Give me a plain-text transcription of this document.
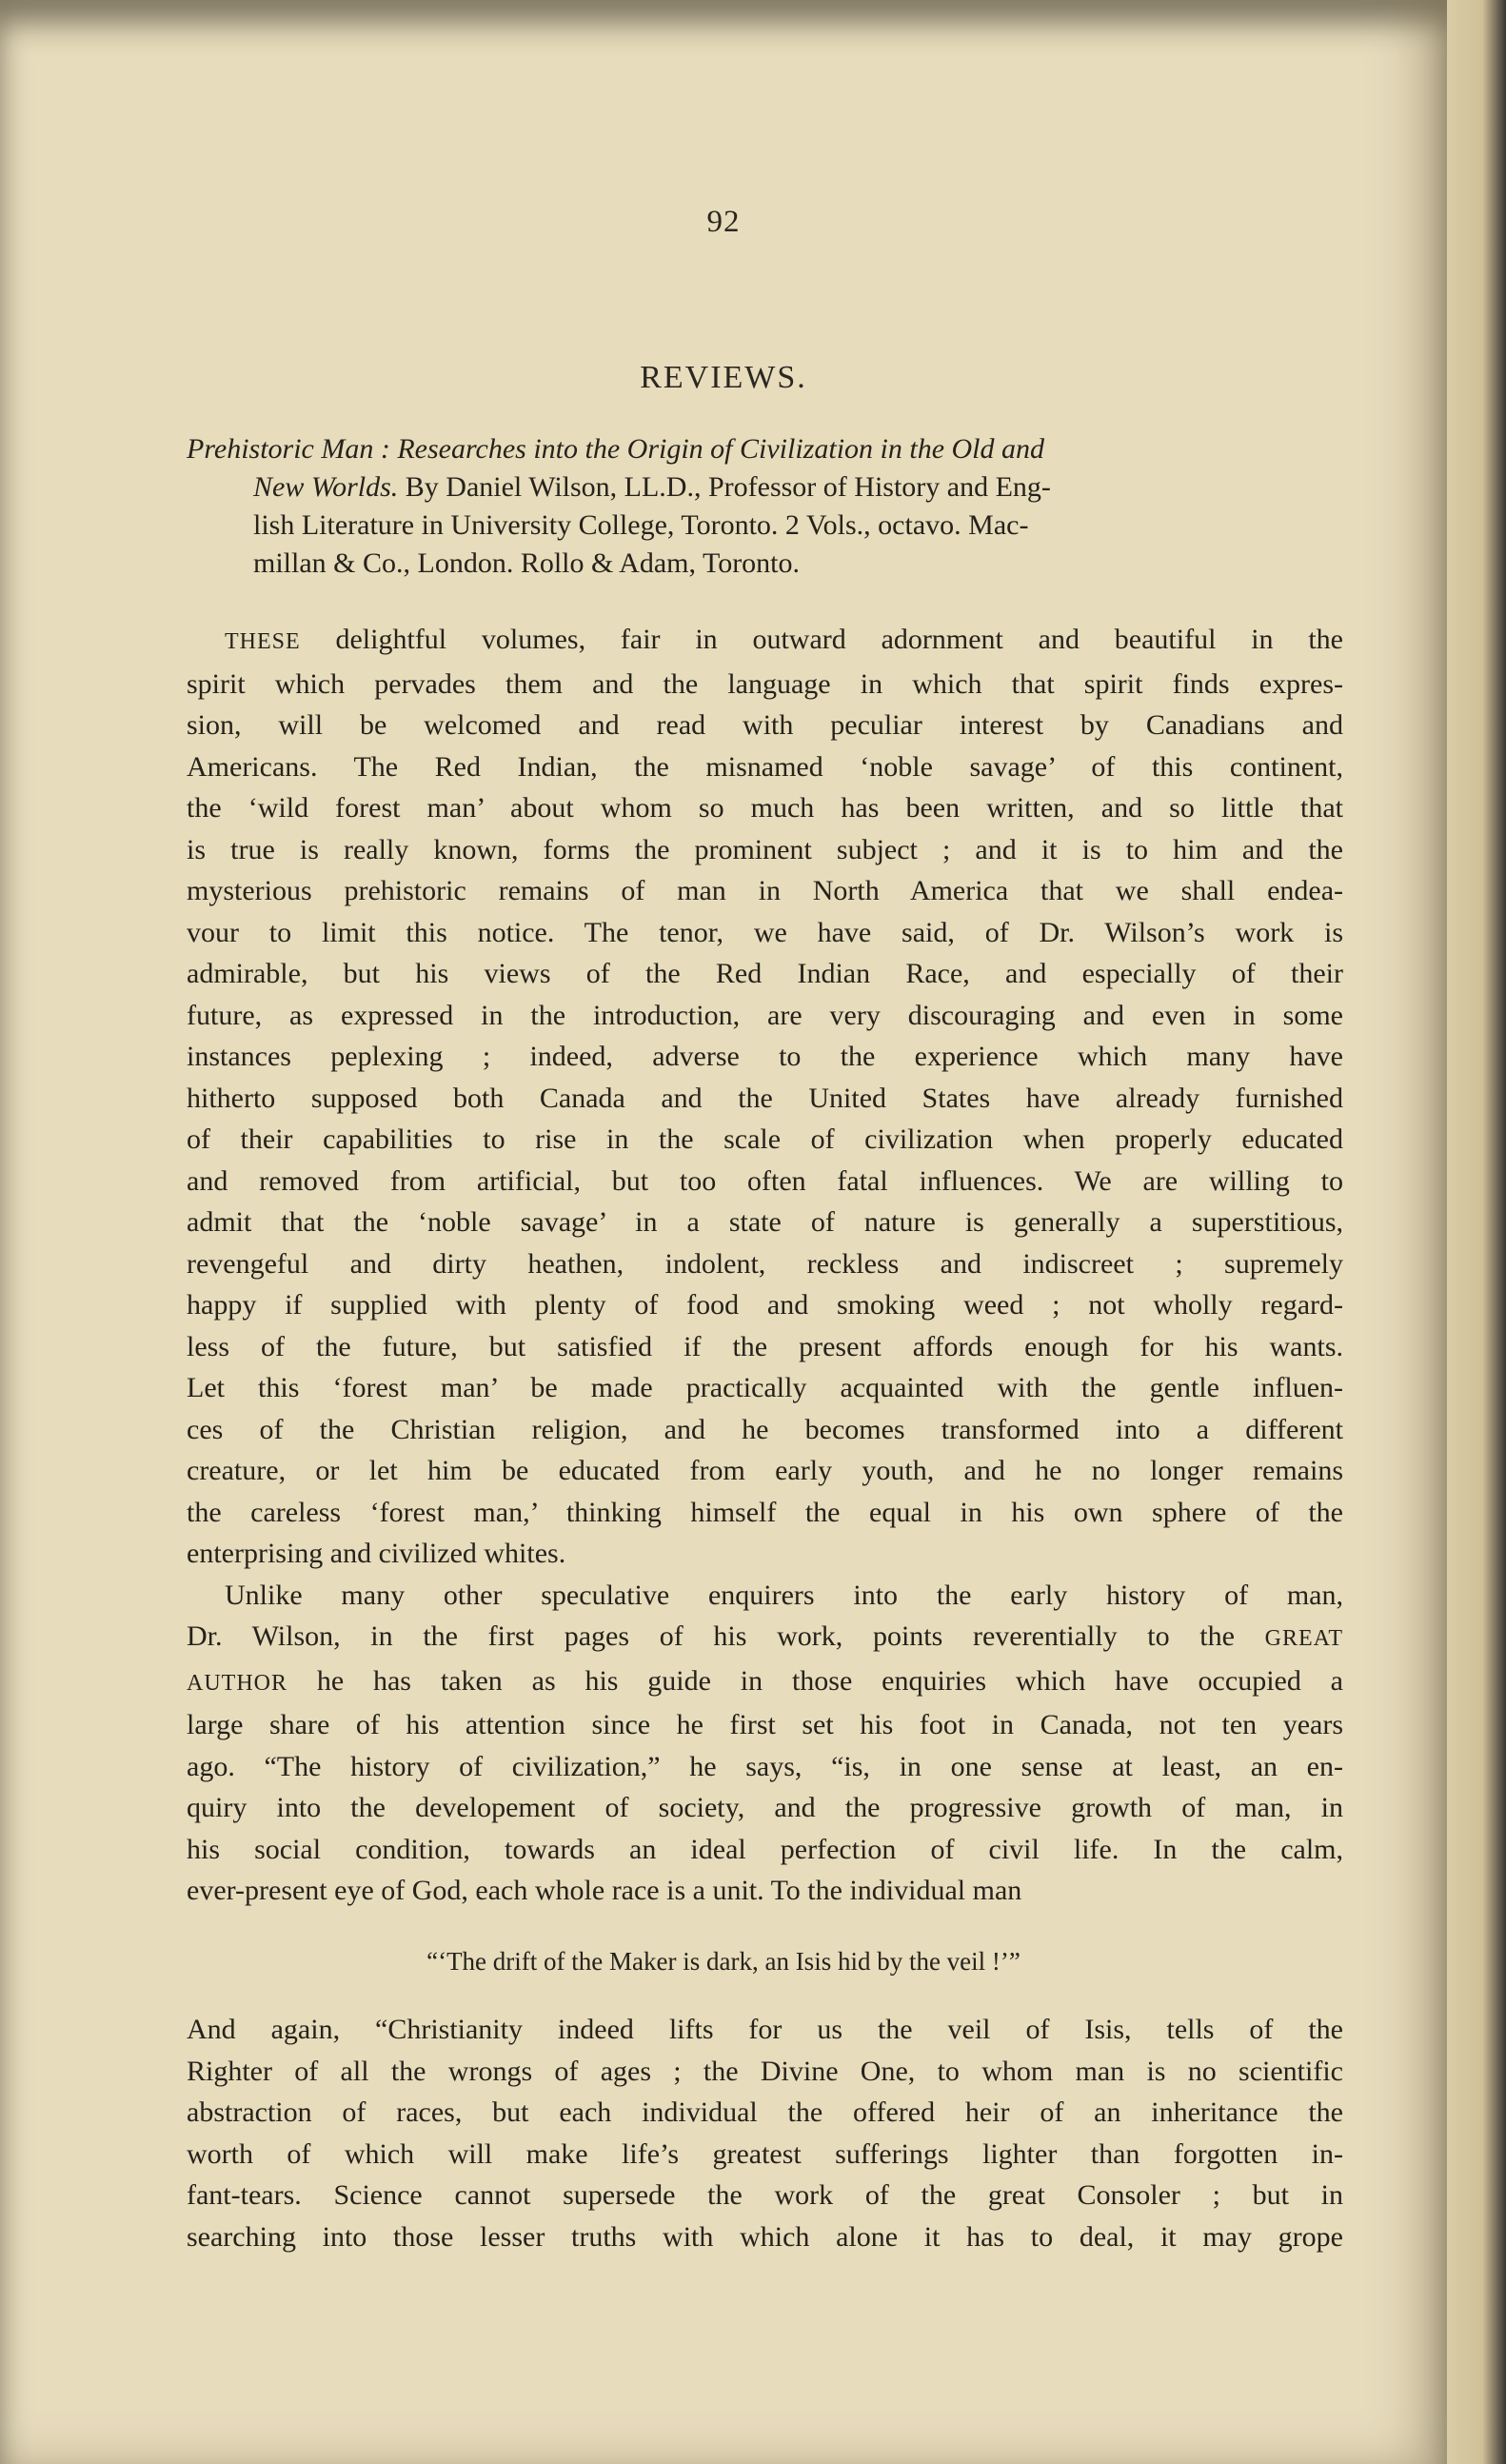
92
REVIEWS.
Prehistoric Man : Researches into the Origin of Civilization in the Old and
New Worlds. By Daniel Wilson, LL.D., Professor of History and Eng-
lish Literature in University College, Toronto. 2 Vols., octavo. Mac-
millan & Co., London. Rollo & Adam, Toronto.
THESE delightful volumes, fair in outward adornment and beautiful in the
spirit which pervades them and the language in which that spirit finds expres-
sion, will be welcomed and read with peculiar interest by Canadians and
Americans. The Red Indian, the misnamed ‘noble savage’ of this continent,
the ‘wild forest man’ about whom so much has been written, and so little that
is true is really known, forms the prominent subject ; and it is to him and the
mysterious prehistoric remains of man in North America that we shall endea-
vour to limit this notice. The tenor, we have said, of Dr. Wilson’s work is
admirable, but his views of the Red Indian Race, and especially of their
future, as expressed in the introduction, are very discouraging and even in some
instances peplexing ; indeed, adverse to the experience which many have
hitherto supposed both Canada and the United States have already furnished
of their capabilities to rise in the scale of civilization when properly educated
and removed from artificial, but too often fatal influences. We are willing to
admit that the ‘noble savage’ in a state of nature is generally a superstitious,
revengeful and dirty heathen, indolent, reckless and indiscreet ; supremely
happy if supplied with plenty of food and smoking weed ; not wholly regard-
less of the future, but satisfied if the present affords enough for his wants.
Let this ‘forest man’ be made practically acquainted with the gentle influen-
ces of the Christian religion, and he becomes transformed into a different
creature, or let him be educated from early youth, and he no longer remains
the careless ‘forest man,’ thinking himself the equal in his own sphere of the
enterprising and civilized whites.
Unlike many other speculative enquirers into the early history of man,
Dr. Wilson, in the first pages of his work, points reverentially to the GREAT
AUTHOR he has taken as his guide in those enquiries which have occupied a
large share of his attention since he first set his foot in Canada, not ten years
ago. “The history of civilization,” he says, “is, in one sense at least, an en-
quiry into the developement of society, and the progressive growth of man, in
his social condition, towards an ideal perfection of civil life. In the calm,
ever-present eye of God, each whole race is a unit. To the individual man
“‘The drift of the Maker is dark, an Isis hid by the veil !’”
And again, “Christianity indeed lifts for us the veil of Isis, tells of the
Righter of all the wrongs of ages ; the Divine One, to whom man is no scientific
abstraction of races, but each individual the offered heir of an inheritance the
worth of which will make life’s greatest sufferings lighter than forgotten in-
fant-tears. Science cannot supersede the work of the great Consoler ; but in
searching into those lesser truths with which alone it has to deal, it may grope
